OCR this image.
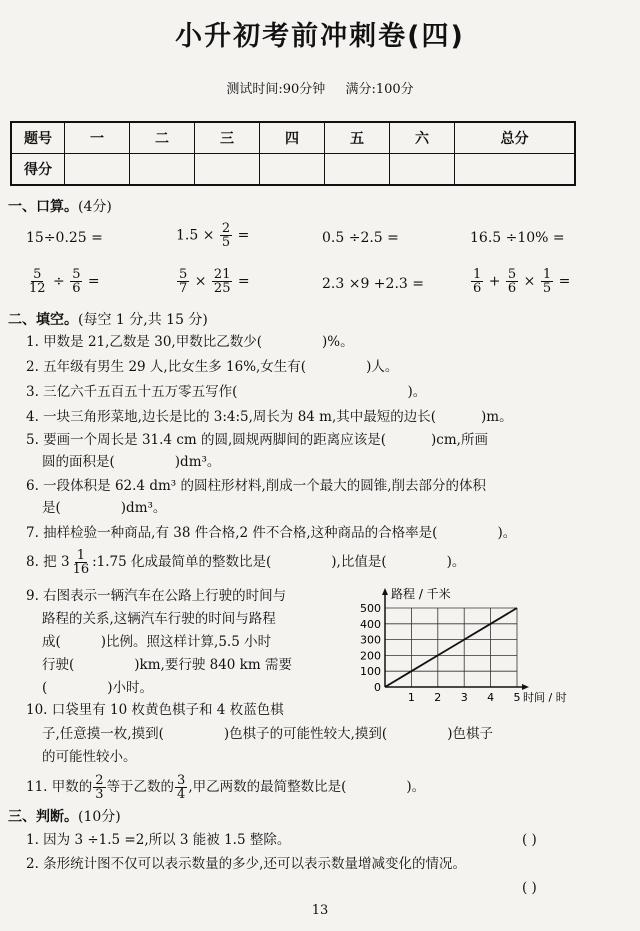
小升初考前冲刺卷(四)
测试时间:90分钟 满分:100分
题号	一	二	三	四	五	六	总分
得分							
一、口算。(4分)
15÷0.25 =	$1.5 \times \frac{2}{5}$ =	0.5 ÷2.5 =	16.5 ÷10% =
$\frac{5}{12} \div \frac{5}{6}$ =	$\frac{5}{7} \times \frac{21}{25}$ =	2.3 ×9 +2.3 =	$\frac{1}{6} + \frac{5}{6} \times \frac{1}{5}$ =
二、填空。(每空 1 分,共 15 分)
1. 甲数是 21,乙数是 30,甲数比乙数少(	)%。
2. 五年级有男生 29 人,比女生多 16%,女生有(	)人。
3. 三亿六千五百五十五万零五写作(	)。
4. 一块三角形菜地,边长是比的 3:4:5,周长为 84 m,其中最短的边长(	)m。
5. 要画一个周长是 31.4 cm 的圆,圆规两脚间的距离应该是(	)cm,所画
圆的面积是(	)dm³。
6. 一段体积是 62.4 dm³ 的圆柱形材料,削成一个最大的圆锥,削去部分的体积
是(	)dm³。
7. 抽样检验一种商品,有 38 件合格,2 件不合格,这种商品的合格率是(	)。
8. 把 $3 \frac{1}{16}$ :1.75 化成最简单的整数比是(	),比值是(	)。
9. 右图表示一辆汽车在公路上行驶的时间与
路程的关系,这辆汽车行驶的时间与路程
成(	)比例。照这样计算,5.5 小时
行驶(	)km,要行驶 840 km 需要
(	)小时。
1 2 3 4 5
0
100
200
300
400
500
路程 / 千米
时间 / 时
10. 口袋里有 10 枚黄色棋子和 4 枚蓝色棋
子,任意摸一枚,摸到(	)色棋子的可能性较大,摸到(	)色棋子
的可能性较小。
11. 甲数的 $\frac{2}{3}$ 等于乙数的 $\frac{3}{4}$ ,甲乙两数的最简整数比是(	)。
三、判断。(10分)
1. 因为 3 ÷1.5 =2,所以 3 能被 1.5 整除。	( )
2. 条形统计图不仅可以表示数量的多少,还可以表示数量增减变化的情况。
( )
13
